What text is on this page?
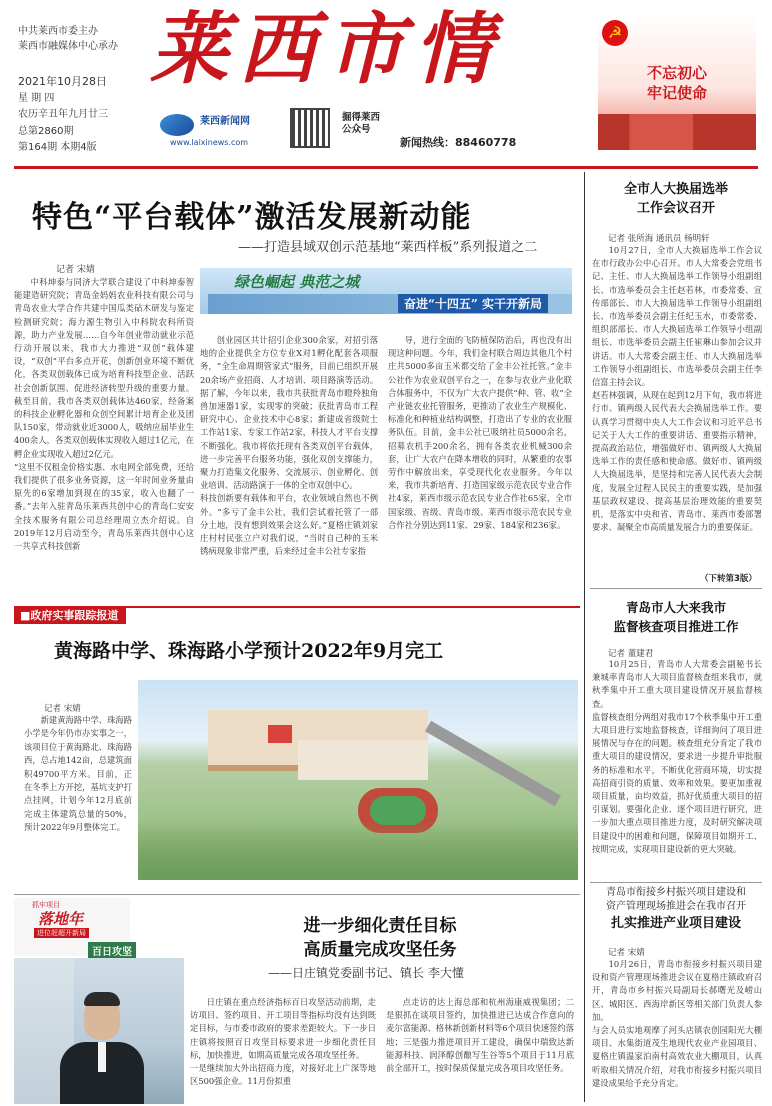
中共莱西市委主办
莱西市融媒体中心承办
2021年10月28日
星 期 四
农历辛丑年九月廿三
总第2860期
第164期 本期4版
莱西市情
莱西新闻网
www.laixinews.com
掘得莱西
公众号
新闻热线：88460778
☭
不忘初心
牢记使命
特色“平台载体”激活发展新动能
——打造县域双创示范基地“莱西样板”系列报道之二
记者 宋婧
绿色崛起 典范之城
奋进“十四五” 实干开新局

中科坤泰与同济大学联合建设了中科坤泰智能建造研究院；青岛金妈妈农业科技有限公司与青岛农业大学合作共建中国瓜类砧木研发与鉴定检测研究院；海力源生物引入中科院农科所资源，助力产业发展……自今年创业带动就业示范行动开展以来，我市大力推进“双创”载体建设，“双创”平台多点开花，创新创业环境不断优化，各类双创载体已成为培育科技型企业、活跃社会创新氛围、促进经济转型升级的重要力量。截至目前，我市各类双创载体达460家，经备案的科技企业孵化器和众创空间累计培育企业及团队150家，带动就业近3000人，吸纳应届毕业生400余人，各类双创载体实现收入超过1亿元，在孵企业实现收入超过2亿元。
“这里不仅租金价格实惠、水电网全部免费，还给我们提供了很多业务资源，这一年时间业务量由原先的6家增加到现在的35家，收入也翻了一番。”去年入驻青岛乐莱西共创中心的青岛仁安安全技术服务有限公司总经理周立杰介绍说。自2019年12月启动至今，青岛乐莱西共创中心这一共享式科技创新

创业园区共计招引企业300余家，对招引落地的企业提供全方位专业X对1孵化配套各项服务，“全生命周期管家式”服务，目前已组织开展20余场产业招商、人才培训、项目路演等活动。据了解，今年以来，我市共获批青岛市瞪羚独角兽加速器1家，实现零的突破；获批青岛市工程研究中心、企业技术中心8家；新建成省级院士工作站1家、专家工作站2家，科技人才平台支撑不断强化。我市将依托现有各类双创平台载体，进一步完善平台服务功能，强化双创支撑能力，聚力打造集文化服务、交流展示、创业孵化、创业培训、活动路演于一体的全市双创中心。
科技创新要有载体和平台，农业领域自然也不例外。“多亏了金丰公社，我们尝试着托管了一部分土地，没有想到效果会这么好。”夏格庄镇刘家庄村村民张立户对我们说，“当时自己种的玉米锈病现象非常严重，后来经过金丰公社专家指

导，进行全面的飞防植保防治后，再也没有出现这种问题。今年，我们金村联合周边其他几个村庄共5000多亩玉米都交给了金丰公社托管。”金丰公社作为农业双创平台之一，在参与农业产业化联合体服务中，不仅为广大农户提供“种、管、收”全产业链农业托管服务，更推动了农业生产规模化、标准化和种植业结构调整，打造出了专业的农业服务队伍。目前，金丰公社已吸纳社员5000余名，招募农机手200余名，拥有各类农业机械300余套，让广大农户在降本增收的同时，从繁重的农事劳作中解放出来，享受现代化农业服务。今年以来，我市共新培育、打造国家级示范农民专业合作社4家，莱西市级示范农民专业合作社65家，全市国家级、省级、青岛市级、莱西市级示范农民专业合作社分别达到11家、29家、184家和236家。

全市人大换届选举
工作会议召开
记者 张所海 通讯员 杨明轩

10月27日，全市人大换届选举工作会议在市行政办公中心召开。市人大常委会党组书记、主任、市人大换届选举工作领导小组副组长、市选举委员会主任赵若林，市委常委、宣传部部长、市人大换届选举工作领导小组副组长、市选举委员会副主任纪玉水，市委常委、组织部部长、市人大换届选举工作领导小组副组长、市选举委员会副主任崔琳山参加会议并讲话。市人大常委会副主任、市人大换届选举工作领导小组副组长、市选举委员会副主任李信富主持会议。
赵若林强调，从现在起到12月下旬，我市将进行市、镇两级人民代表大会换届选举工作。要认真学习贯彻中央人大工作会议和习近平总书记关于人大工作的重要讲话、重要指示精神，提高政治站位，增强做好市、镇两级人大换届选举工作的责任感和使命感。做好市、镇两级人大换届选举，是坚持和完善人民代表大会制度，发展全过程人民民主的重要实践，是加强基层政权建设、提高基层治理效能的重要契机，是落实中央和省、青岛市、莱西市委部署要求、凝聚全市高质量发展合力的重要保证。

（下转第3版）
■政府实事跟踪报道
黄海路中学、珠海路小学预计2022年9月完工
记者 宋婧

新建黄海路中学、珠海路小学是今年仍市办实事之一，该项目位于黄海路北、珠海路西，总占地142亩，总建筑面积49700平方米。目前，正在冬季上方开挖，基坑支护打点挂网，计划今年12月底前完成主体建筑总量的50%，预计2022年9月整体完工。

青岛市人大来我市
监督核查项目推进工作
记者 董建君

10月25日，青岛市人大常委会副秘书长兼城率青岛市人大项目监督核查组来我市，就秋季集中开工重大项目建设情况开展监督核查。
监督核查组分两组对我市17个秋季集中开工重大项目进行实地监督核查，详细询问了项目进展情况与存在的问题。核查组充分肯定了我市重大项目的建设情况，要求进一步提升审批服务的标准和水平，不断优化营商环境，切实提高招商引资的质量、效率和效果。要更加重视项目质量，亩均效益，抓好优质重大项目的招引谋划。要强化企业、逐个项目进行研究，进一步加大重点项目推进力度，及时研究解决项目建设中的困难和问题，保障项目如期开工、按期完成，实现项目建设新的更大突破。

青岛市衔接乡村振兴项目建设和
资产管理现场推进会在我市召开
扎实推进产业项目建设
记者 宋婧

10月26日，青岛市衔接乡村振兴项目建设和资产管理现场推进会议在夏格庄镇政府召开，青岛市乡村振兴局副局长郝曙光及崂山区、城阳区、西海岸新区等相关部门负责人参加。
与会人员实地观摩了河头店镇农创园阳光大棚项目、水集街道茂生地现代农业产业园项目、夏格庄镇温家泊南村高效农业大棚项目，认真听取相关情况介绍，对我市衔接乡村振兴项目建设成果给予充分肯定。

抓牢项目
落地年
进位赶超开新局
百日攻坚
进一步细化责任目标
高质量完成攻坚任务
——日庄镇党委副书记、镇长 李大懂

日庄镇在重点经济指标百日攻坚活动前期，走访项目、签约项目、开工项目等指标均没有达到既定目标，与市委市政府的要求差距较大。下一步日庄镇将按照百日攻坚目标要求进一步细化责任目标，加快推进，如期高质量完成各项攻坚任务。
一是继续加大外出招商力度，对接好北上广深等地区500强企业。11月份拟重

点走访的达上海总部和杭州海康威视集团；二是狠抓在谈项目签约，加快推进已达成合作意向的麦尔富能源、格林新创新材料等6个项目快速签约落地；三是强力推进项目开工建设，确保中瑞致达新能源科技、润泽醇创酿写生谷等5个项目于11月底前全部开工，按时保质保量完成各项目攻坚任务。
